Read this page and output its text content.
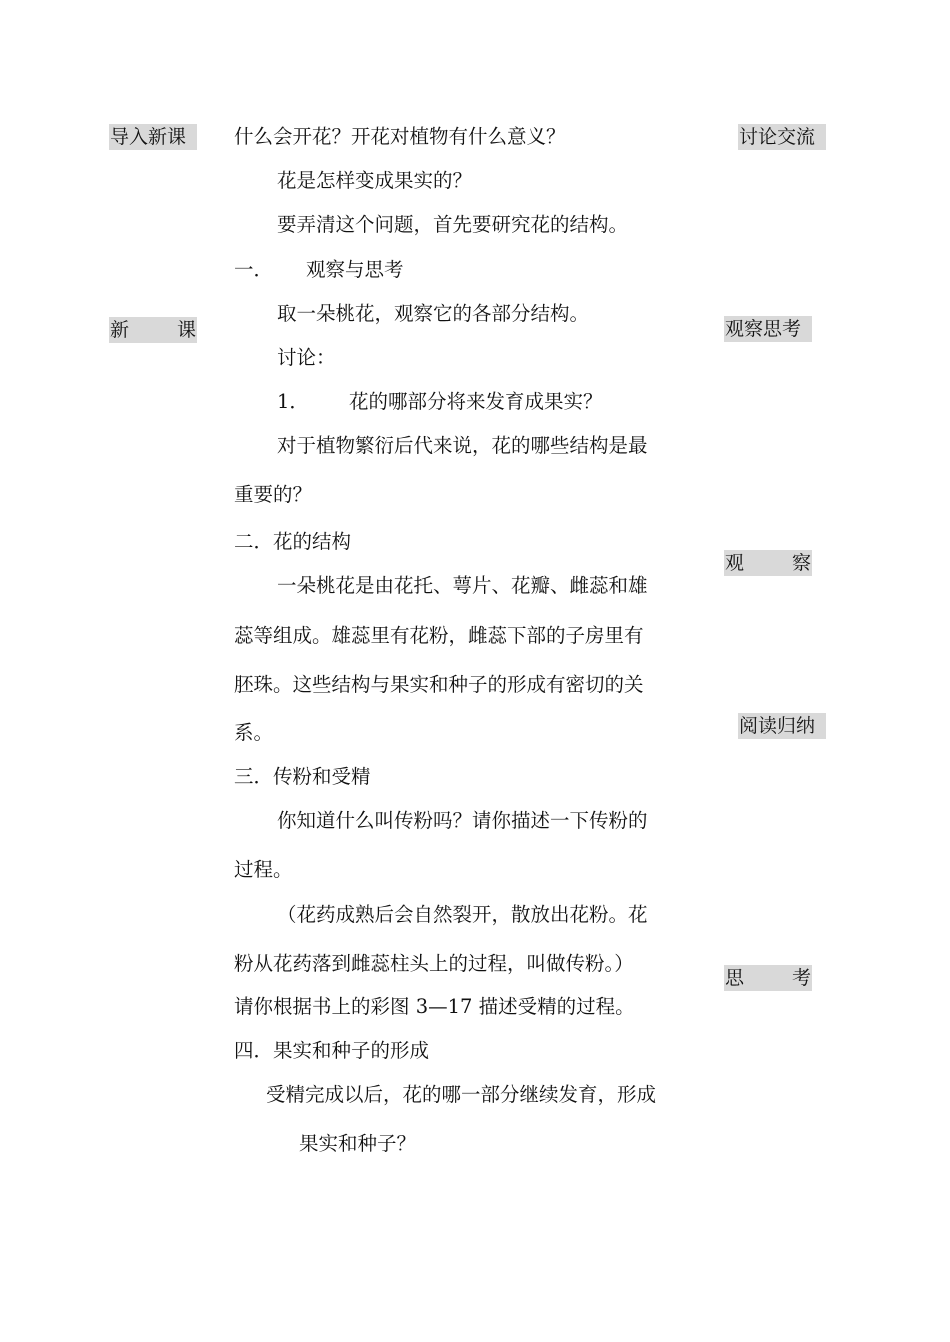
导入新课
新	课
讨论交流
观察思考
观	察
阅读归纳
思	考
什么会开花？开花对植物有什么意义？
花是怎样变成果实的？
要弄清这个问题，首先要研究花的结构。
一． 观察与思考
取一朵桃花，观察它的各部分结构。
讨论：
1． 花的哪部分将来发育成果实？
对于植物繁衍后代来说，花的哪些结构是最
重要的？
二．花的结构
一朵桃花是由花托、萼片、花瓣、雌蕊和雄
蕊等组成。雄蕊里有花粉，雌蕊下部的子房里有
胚珠。这些结构与果实和种子的形成有密切的关
系。
三．传粉和受精
你知道什么叫传粉吗？请你描述一下传粉的
过程。
（花药成熟后会自然裂开，散放出花粉。花
粉从花药落到雌蕊柱头上的过程，叫做传粉。）
请你根据书上的彩图 3—17 描述受精的过程。
四．果实和种子的形成
受精完成以后，花的哪一部分继续发育，形成
果实和种子？
